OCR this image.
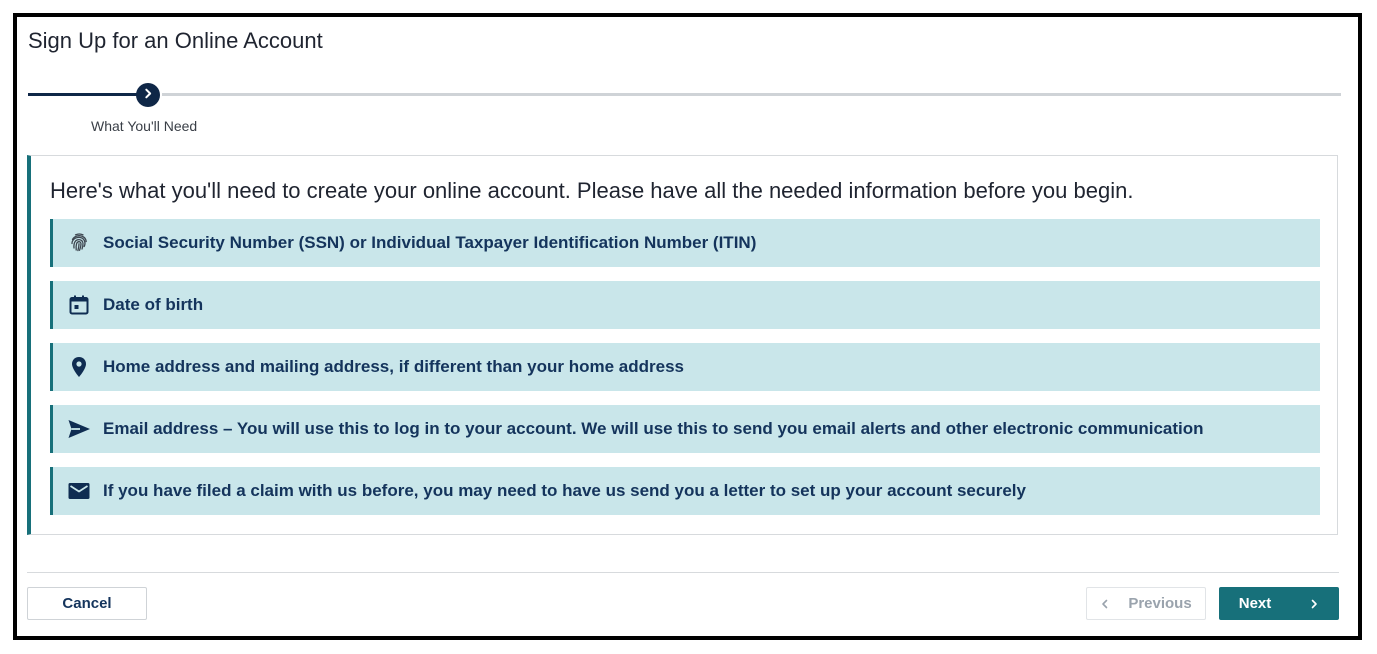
Sign Up for an Online Account
What You'll Need
Here's what you'll need to create your online account. Please have all the needed information before you begin.
Social Security Number (SSN) or Individual Taxpayer Identification Number (ITIN)
Date of birth
Home address and mailing address, if different than your home address
Email address – You will use this to log in to your account. We will use this to send you email alerts and other electronic communication
If you have filed a claim with us before, you may need to have us send you a letter to set up your account securely
Cancel	Previous	Next
